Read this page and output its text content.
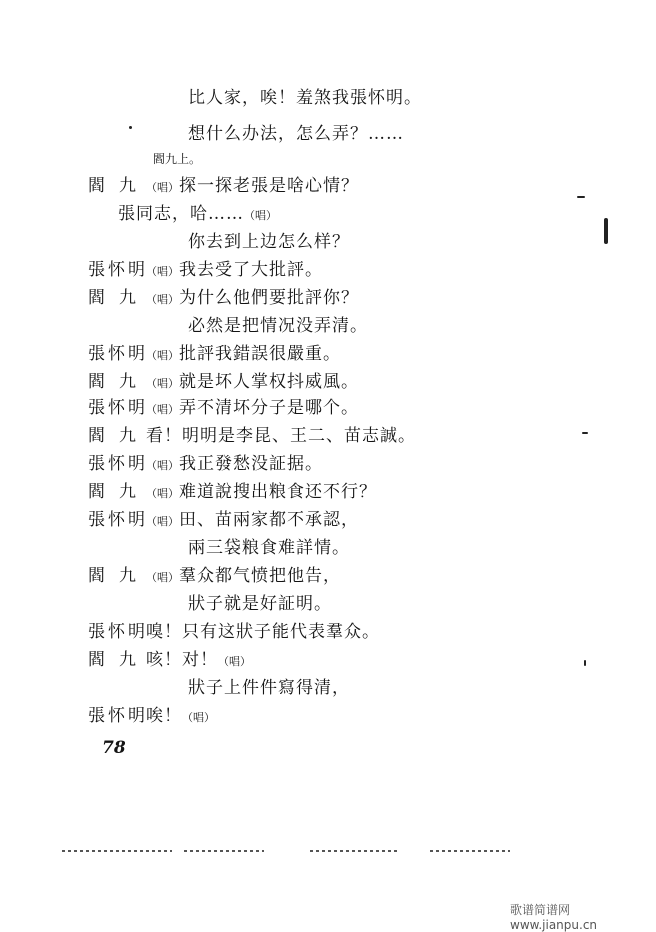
比人家，唉！羞煞我張怀明。
想什么办法，怎么弄？……
閻九上。
閻九（唱）探一探老張是啥心情？
張同志，哈……（唱）
你去到上边怎么样？
張怀明（唱）我去受了大批評。
閻九（唱）为什么他們要批評你？
必然是把情况没弄清。
張怀明（唱）批評我錯誤很嚴重。
閻九（唱）就是坏人掌权抖威風。
張怀明（唱）弄不清坏分子是哪个。
閻九看！明明是李昆、王二、苗志誠。
張怀明（唱）我正發愁没証据。
閻九（唱）难道說搜出粮食还不行？
張怀明（唱）田、苗兩家都不承認，
兩三袋粮食难詳情。
閻九（唱）羣众都气愤把他告，
狀子就是好証明。
張怀明嗅！只有这狀子能代表羣众。
閻九咳！对！（唱）
狀子上件件寫得清，
張怀明唉！（唱）
78
歌谱简谱网 www.jianpu.cn
